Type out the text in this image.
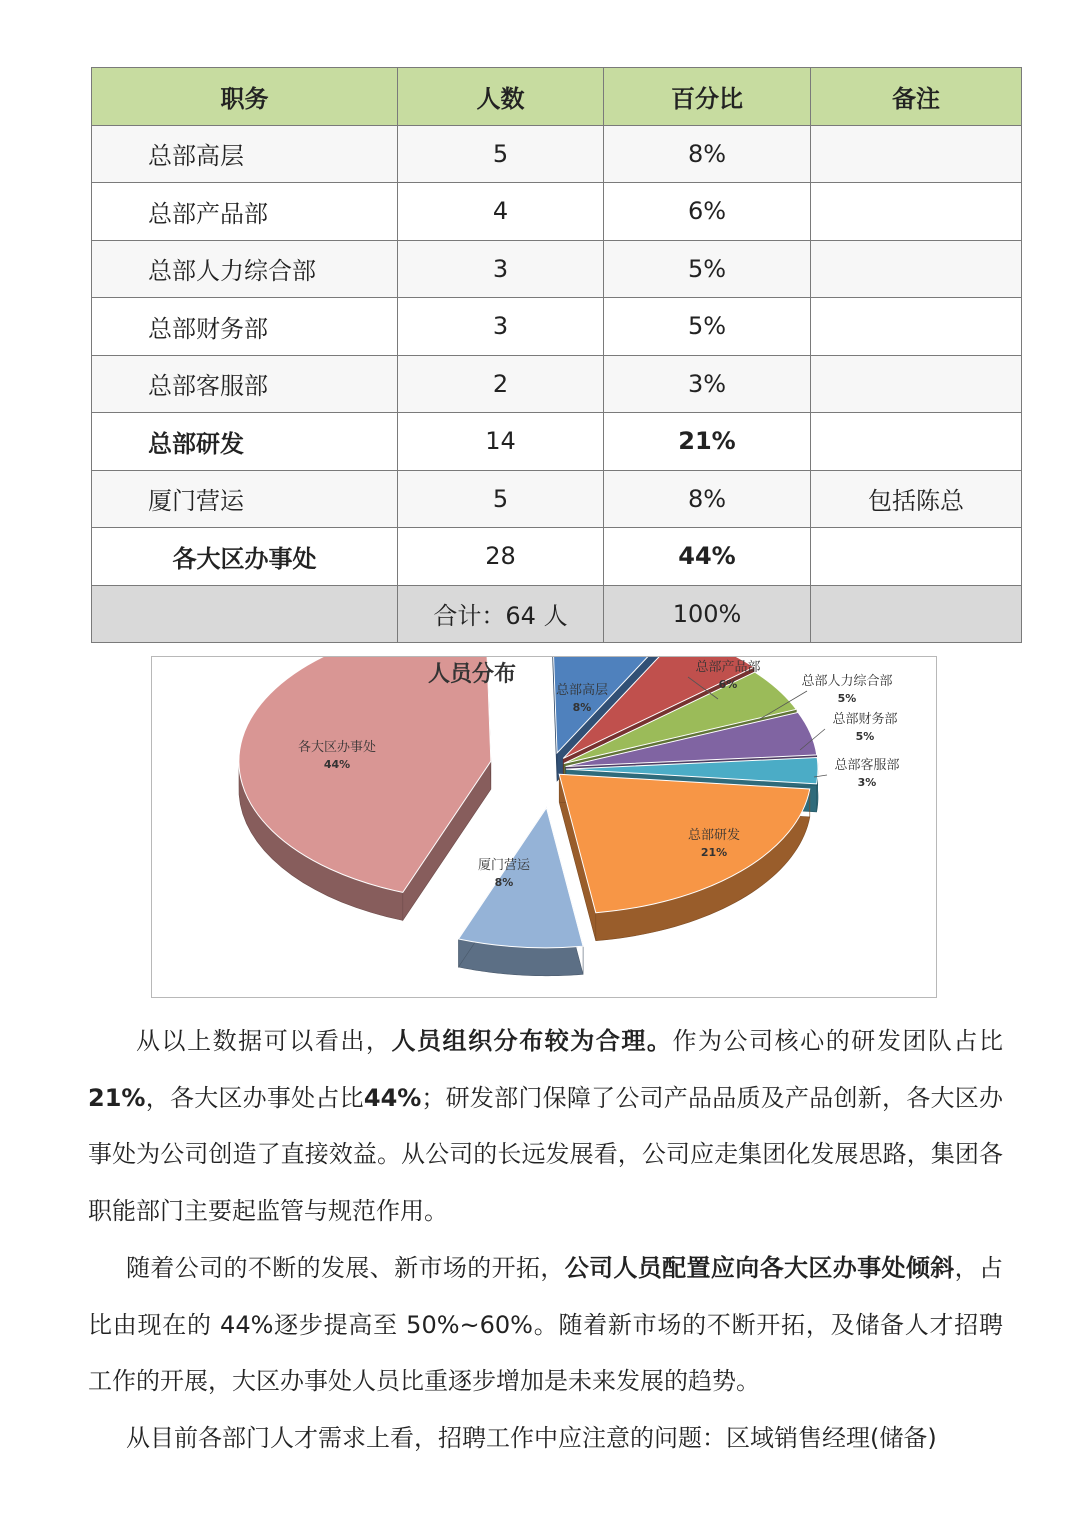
职务	人数	百分比	备注
总部高层	5	8%	
总部产品部	4	6%	
总部人力综合部	3	5%	
总部财务部	3	5%	
总部客服部	2	3%	
总部研发	14	21%	
厦门营运	5	8%	包括陈总
各大区办事处	28	44%	
	合计：64 人	100%	
总部高层
8%
总部产品部
6%	总部人力综合部
5%
总部财务部
5%
总部客服部
3%
总部研发
21%
厦门营运
8%
各大区办事处
44%
人员分布

从以上数据可以看出，人员组织分布较为合理。作为公司核心的研发团队占比21%，各大区办事处占比44%；研发部门保障了公司产品品质及产品创新，各大区办事处为公司创造了直接效益。从公司的长远发展看，公司应走集团化发展思路，集团各职能部门主要起监管与规范作用。

随着公司的不断的发展、新市场的开拓，公司人员配置应向各大区办事处倾斜，占比由现在的 44%逐步提高至 50%~60%。随着新市场的不断开拓，及储备人才招聘工作的开展，大区办事处人员比重逐步增加是未来发展的趋势。

从目前各部门人才需求上看，招聘工作中应注意的问题：区域销售经理(储备)
